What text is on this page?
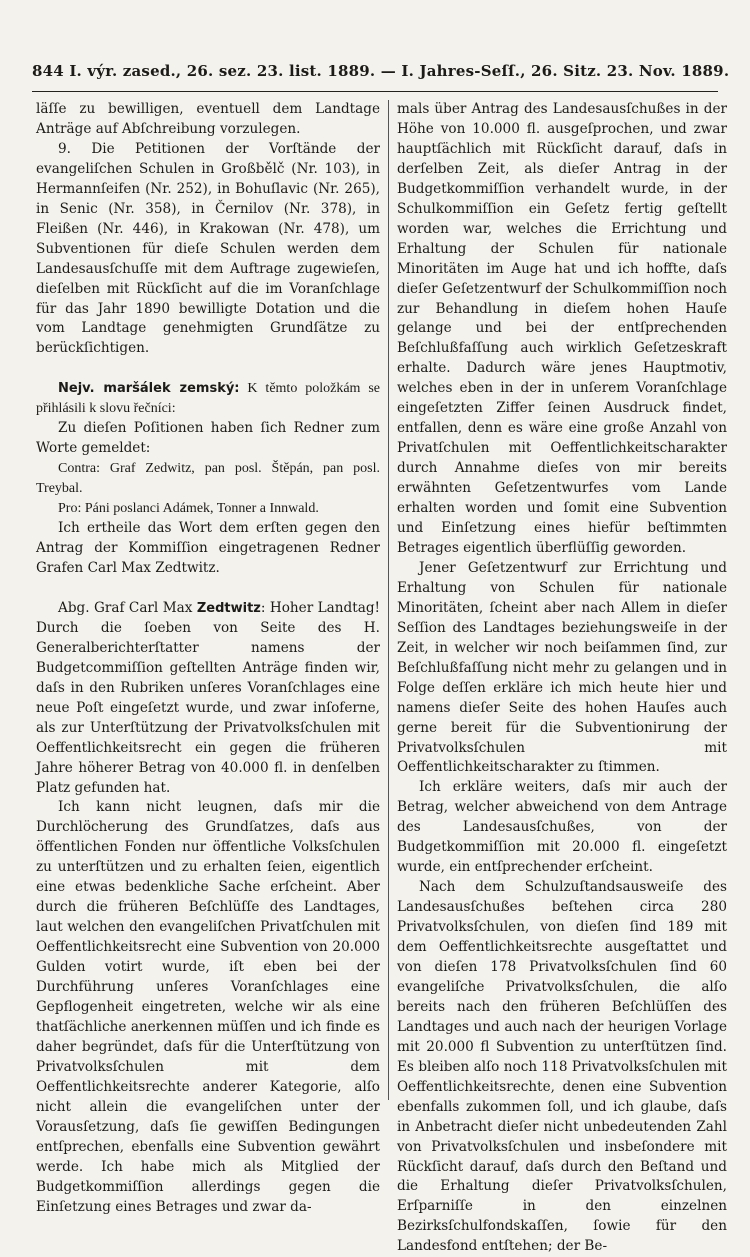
844 I. výr. zased., 26. sez. 23. list. 1889. — I. Jahres-Seſſ., 26. Sitz. 23. Nov. 1889.

läſſe zu bewilligen, eventuell dem Landtage Anträge auf Abſchreibung vorzulegen.

9. Die Petitionen der Vorſtände der evangeliſchen Schulen in Großbělč (Nr. 103), in Hermannſeifen (Nr. 252), in Bohuſlavic (Nr. 265), in Senic (Nr. 358), in Černilov (Nr. 378), in Fleißen (Nr. 446), in Krakowan (Nr. 478), um Subventionen für dieſe Schulen werden dem Landesausſchuſſe mit dem Auftrage zugewieſen, dieſelben mit Rückſicht auf die im Voranſchlage für das Jahr 1890 bewilligte Dotation und die vom Landtage genehmigten Grundſätze zu berückſichtigen.

Nejv. maršálek zemský: K těmto položkám se přihlásili k slovu řečníci:

Zu dieſen Poſitionen haben ſich Redner zum Worte gemeldet:

Contra: Graf Zedwitz, pan posl. Štěpán, pan posl. Treybal.

Pro: Páni poslanci Adámek, Tonner a Innwald.

Ich ertheile das Wort dem erſten gegen den Antrag der Kommiſſion eingetragenen Redner Grafen Carl Max Zedtwitz.

Abg. Graf Carl Max Zedtwitz: Hoher Landtag! Durch die ſoeben von Seite des H. Generalberichterſtatter namens der Budgetcommiſſion geſtellten Anträge finden wir, daſs in den Rubriken unſeres Voranſchlages eine neue Poſt eingeſetzt wurde, und zwar inſoferne, als zur Unterſtützung der Privatvolksſchulen mit Oeffentlichkeitsrecht ein gegen die früheren Jahre höherer Betrag von 40.000 fl. in denſelben Platz gefunden hat.

Ich kann nicht leugnen, daſs mir die Durchlöcherung des Grundſatzes, daſs aus öffentlichen Fonden nur öffentliche Volksſchulen zu unterſtützen und zu erhalten ſeien, eigentlich eine etwas bedenkliche Sache erſcheint. Aber durch die früheren Beſchlüſſe des Landtages, laut welchen den evangeliſchen Privatſchulen mit Oeffentlichkeitsrecht eine Subvention von 20.000 Gulden votirt wurde, iſt eben bei der Durchführung unſeres Voranſchlages eine Gepflogenheit eingetreten, welche wir als eine thatſächliche anerkennen müſſen und ich finde es daher begründet, daſs für die Unterſtützung von Privatvolksſchulen mit dem Oeffentlichkeitsrechte anderer Kategorie, alſo nicht allein die evangeliſchen unter der Vorausſetzung, daſs ſie gewiſſen Bedingungen entſprechen, ebenfalls eine Subvention gewährt werde. Ich habe mich als Mitglied der Budgetkommiſſion allerdings gegen die Einſetzung eines Betrages und zwar da-

mals über Antrag des Landesausſchußes in der Höhe von 10.000 fl. ausgeſprochen, und zwar hauptſächlich mit Rückſicht darauf, daſs in derſelben Zeit, als dieſer Antrag in der Budgetkommiſſion verhandelt wurde, in der Schulkommiſſion ein Geſetz fertig geſtellt worden war, welches die Errichtung und Erhaltung der Schulen für nationale Minoritäten im Auge hat und ich hoffte, daſs dieſer Geſetzentwurf der Schulkommiſſion noch zur Behandlung in dieſem hohen Hauſe gelange und bei der entſprechenden Beſchlußfaſſung auch wirklich Geſetzeskraft erhalte. Dadurch wäre jenes Hauptmotiv, welches eben in der in unſerem Voranſchlage eingeſetzten Ziffer ſeinen Ausdruck findet, entfallen, denn es wäre eine große Anzahl von Privatſchulen mit Oeffentlichkeitscharakter durch Annahme dieſes von mir bereits erwähnten Geſetzentwurfes vom Lande erhalten worden und ſomit eine Subvention und Einſetzung eines hiefür beſtimmten Betrages eigentlich überflüſſig geworden.

Jener Geſetzentwurf zur Errichtung und Erhaltung von Schulen für nationale Minoritäten, ſcheint aber nach Allem in dieſer Seſſion des Landtages beziehungsweiſe in der Zeit, in welcher wir noch beiſammen ſind, zur Beſchlußfaſſung nicht mehr zu gelangen und in Folge deſſen erkläre ich mich heute hier und namens dieſer Seite des hohen Hauſes auch gerne bereit für die Subventionirung der Privatvolksſchulen mit Oeffentlichkeitscharakter zu ſtimmen.

Ich erkläre weiters, daſs mir auch der Betrag, welcher abweichend von dem Antrage des Landesausſchußes, von der Budgetkommiſſion mit 20.000 fl. eingeſetzt wurde, ein entſprechender erſcheint.

Nach dem Schulzuſtandsausweiſe des Landesausſchußes beſtehen circa 280 Privatvolksſchulen, von dieſen ſind 189 mit dem Oeffentlichkeitsrechte ausgeſtattet und von dieſen 178 Privatvolksſchulen ſind 60 evangeliſche Privatvolksſchulen, die alſo bereits nach den früheren Beſchlüſſen des Landtages und auch nach der heurigen Vorlage mit 20.000 fl Subvention zu unterſtützen ſind. Es bleiben alſo noch 118 Privatvolksſchulen mit Oeffentlichkeitsrechte, denen eine Subvention ebenfalls zukommen ſoll, und ich glaube, daſs in Anbetracht dieſer nicht unbedeutenden Zahl von Privatvolksſchulen und insbeſondere mit Rückſicht darauf, daſs durch den Beſtand und die Erhaltung dieſer Privatvolksſchulen, Erſparniſſe in den einzelnen Bezirksſchulfondskaſſen, ſowie für den Landesfond entſtehen; der Be-
